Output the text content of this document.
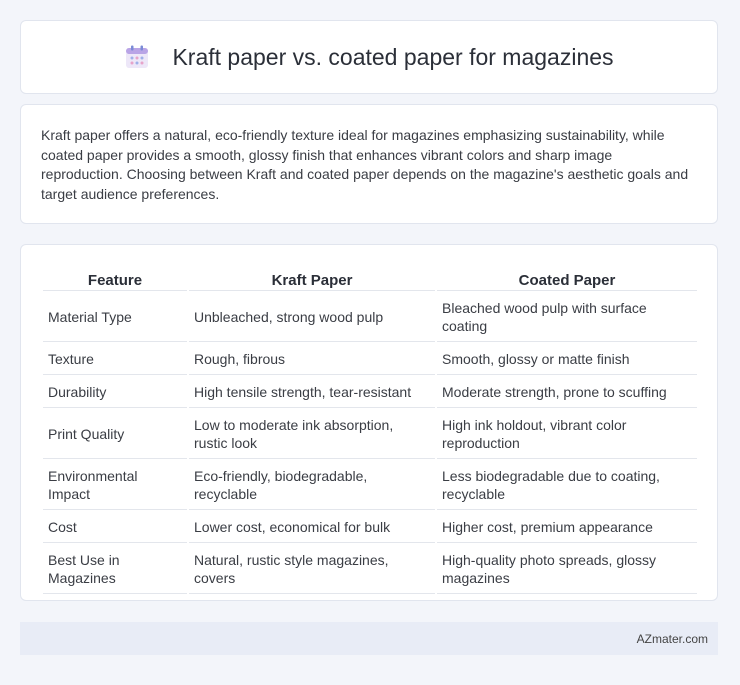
Kraft paper vs. coated paper for magazines

Kraft paper offers a natural, eco-friendly texture ideal for magazines emphasizing sustainability, while coated paper provides a smooth, glossy finish that enhances vibrant colors and sharp image reproduction. Choosing between Kraft and coated paper depends on the magazine's aesthetic goals and target audience preferences.

Feature	Kraft Paper	Coated Paper
Material Type	Unbleached, strong wood pulp	Bleached wood pulp with surface coating
Texture	Rough, fibrous	Smooth, glossy or matte finish
Durability	High tensile strength, tear-resistant	Moderate strength, prone to scuffing
Print Quality	Low to moderate ink absorption, rustic look	High ink holdout, vibrant color reproduction
Environmental Impact	Eco-friendly, biodegradable, recyclable	Less biodegradable due to coating, recyclable
Cost	Lower cost, economical for bulk	Higher cost, premium appearance
Best Use in Magazines	Natural, rustic style magazines, covers	High-quality photo spreads, glossy magazines
AZmater.com
